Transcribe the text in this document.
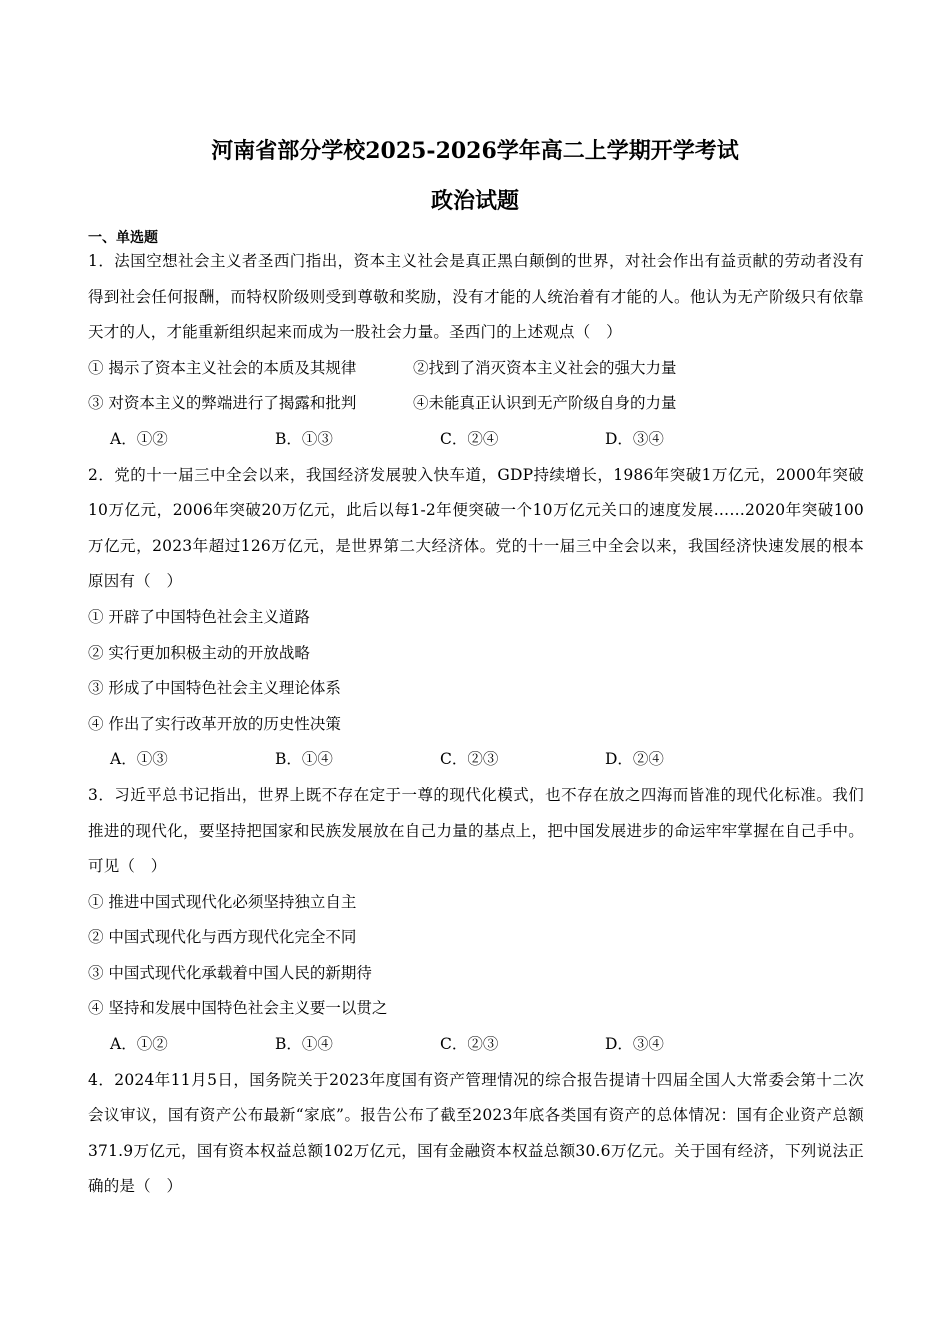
河南省部分学校2025-2026学年高二上学期开学考试
政治试题

一、单选题

1．法国空想社会主义者圣西门指出，资本主义社会是真正黑白颠倒的世界，对社会作出有益贡献的劳动者没有得到社会任何报酬，而特权阶级则受到尊敬和奖励，没有才能的人统治着有才能的人。他认为无产阶级只有依靠天才的人，才能重新组织起来而成为一股社会力量。圣西门的上述观点（　）

① 揭示了资本主义社会的本质及其规律	②找到了消灭资本主义社会的强大力量

③ 对资本主义的弊端进行了揭露和批判	④未能真正认识到无产阶级自身的力量

A．①②	B．①③	C．②④	D．③④

2．党的十一届三中全会以来，我国经济发展驶入快车道，GDP持续增长，1986年突破1万亿元，2000年突破10万亿元，2006年突破20万亿元，此后以每1-2年便突破一个10万亿元关口的速度发展……2020年突破100万亿元，2023年超过126万亿元，是世界第二大经济体。党的十一届三中全会以来，我国经济快速发展的根本原因有（　）

① 开辟了中国特色社会主义道路

② 实行更加积极主动的开放战略

③ 形成了中国特色社会主义理论体系

④ 作出了实行改革开放的历史性决策

A．①③	B．①④	C．②③	D．②④

3．习近平总书记指出，世界上既不存在定于一尊的现代化模式，也不存在放之四海而皆准的现代化标准。我们推进的现代化，要坚持把国家和民族发展放在自己力量的基点上，把中国发展进步的命运牢牢掌握在自己手中。可见（　）

① 推进中国式现代化必须坚持独立自主

② 中国式现代化与西方现代化完全不同

③ 中国式现代化承载着中国人民的新期待

④ 坚持和发展中国特色社会主义要一以贯之

A．①②	B．①④	C．②③	D．③④

4．2024年11月5日，国务院关于2023年度国有资产管理情况的综合报告提请十四届全国人大常委会第十二次会议审议，国有资产公布最新“家底”。报告公布了截至2023年底各类国有资产的总体情况：国有企业资产总额371.9万亿元，国有资本权益总额102万亿元，国有金融资本权益总额30.6万亿元。关于国有经济，下列说法正确的是（　）
